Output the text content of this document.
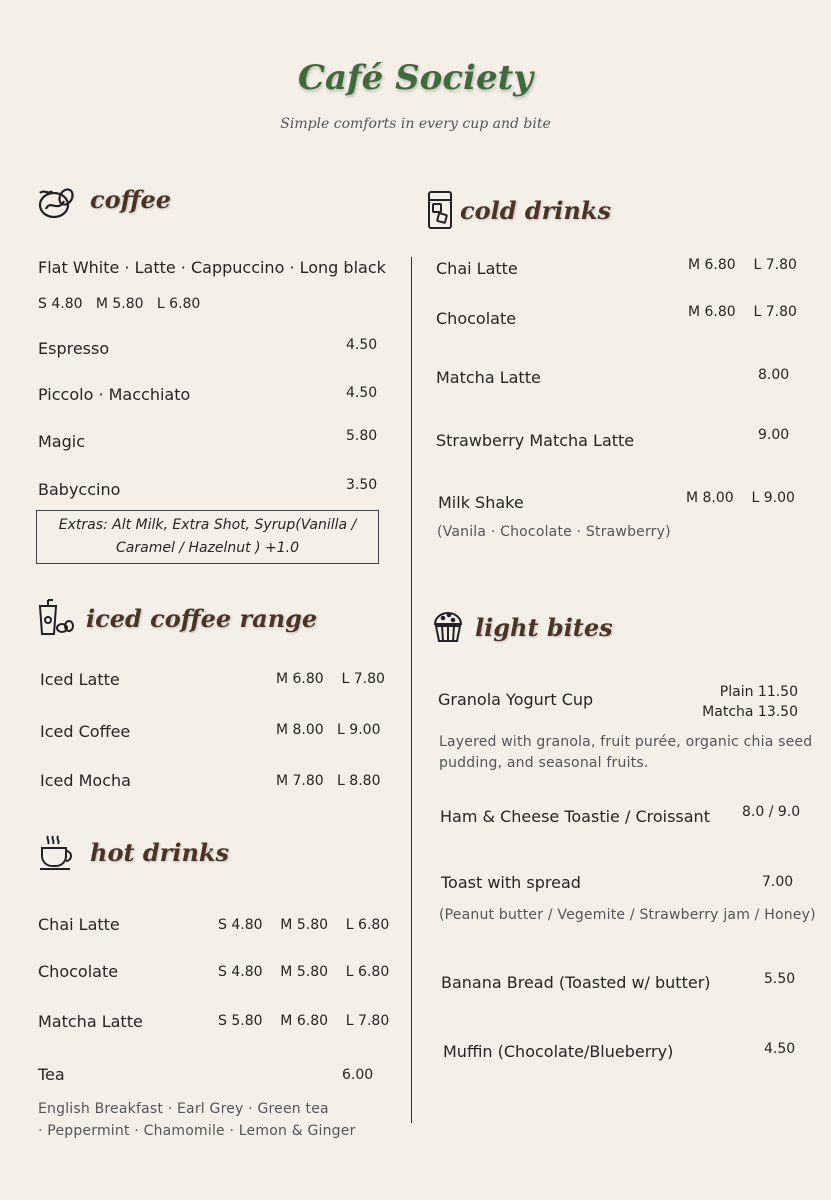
Café Society
Simple comforts in every cup and bite
coffee
Flat White · Latte · Cappuccino · Long black
S 4.80   M 5.80   L 6.80
Espresso	4.50
Piccolo · Macchiato	4.50
Magic	5.80
Babyccino	3.50
Extras: Alt Milk, Extra Shot, Syrup(Vanilla /
Caramel / Hazelnut ) +1.0
iced coffee range
Iced Latte	M 6.80    L 7.80
Iced Coffee	M 8.00   L 9.00
Iced Mocha	M 7.80   L 8.80
hot drinks
Chai Latte	S 4.80    M 5.80    L 6.80
Chocolate	S 4.80    M 5.80    L 6.80
Matcha Latte	S 5.80    M 6.80    L 7.80
Tea	6.00
English Breakfast · Earl Grey · Green tea
· Peppermint · Chamomile · Lemon & Ginger
cold drinks
Chai Latte	M 6.80    L 7.80
Chocolate	M 6.80    L 7.80
Matcha Latte	8.00
Strawberry Matcha Latte	9.00
Milk Shake	M 8.00    L 9.00
(Vanila · Chocolate · Strawberry)
light bites
Granola Yogurt Cup	Plain 11.50
Matcha 13.50
Layered with granola, fruit purée, organic chia seed
pudding, and seasonal fruits.
Ham & Cheese Toastie / Croissant 8.0 / 9.0
Toast with spread	7.00
(Peanut butter / Vegemite / Strawberry jam / Honey)
Banana Bread (Toasted w/ butter)	5.50
Muffin (Chocolate/Blueberry)	4.50
